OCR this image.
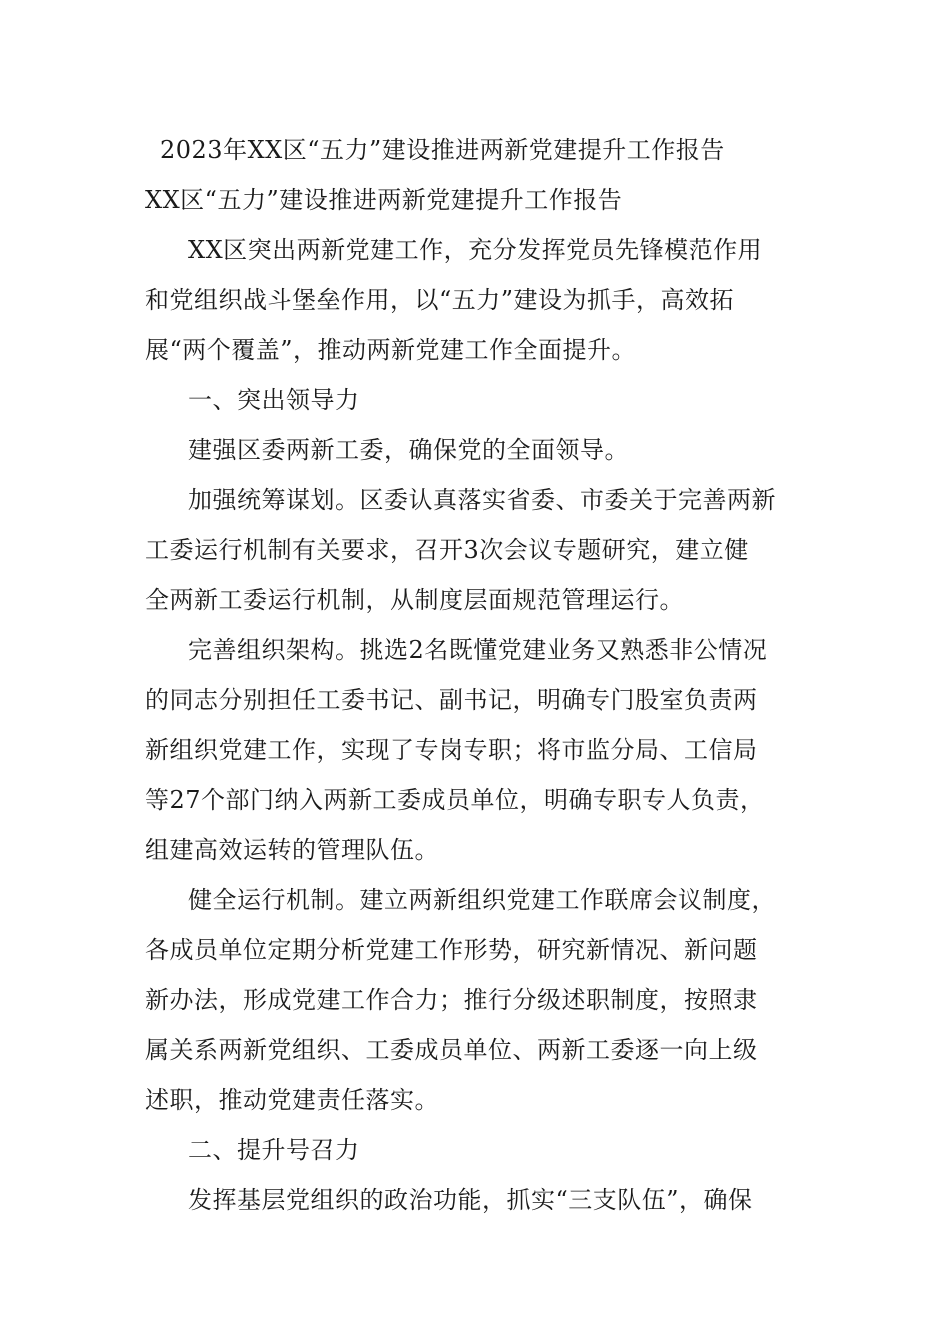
2023年XX区“五力”建设推进两新党建提升工作报告
XX区“五力”建设推进两新党建提升工作报告
XX区突出两新党建工作，充分发挥党员先锋模范作用
和党组织战斗堡垒作用，以“五力”建设为抓手，高效拓
展“两个覆盖”，推动两新党建工作全面提升。
一、突出领导力
建强区委两新工委，确保党的全面领导。
加强统筹谋划。区委认真落实省委、市委关于完善两新
工委运行机制有关要求，召开3次会议专题研究，建立健
全两新工委运行机制，从制度层面规范管理运行。
完善组织架构。挑选2名既懂党建业务又熟悉非公情况
的同志分别担任工委书记、副书记，明确专门股室负责两
新组织党建工作，实现了专岗专职；将市监分局、工信局
等27个部门纳入两新工委成员单位，明确专职专人负责，
组建高效运转的管理队伍。
健全运行机制。建立两新组织党建工作联席会议制度，
各成员单位定期分析党建工作形势，研究新情况、新问题
新办法，形成党建工作合力；推行分级述职制度，按照隶
属关系两新党组织、工委成员单位、两新工委逐一向上级
述职，推动党建责任落实。
二、提升号召力
发挥基层党组织的政治功能，抓实“三支队伍”，确保
